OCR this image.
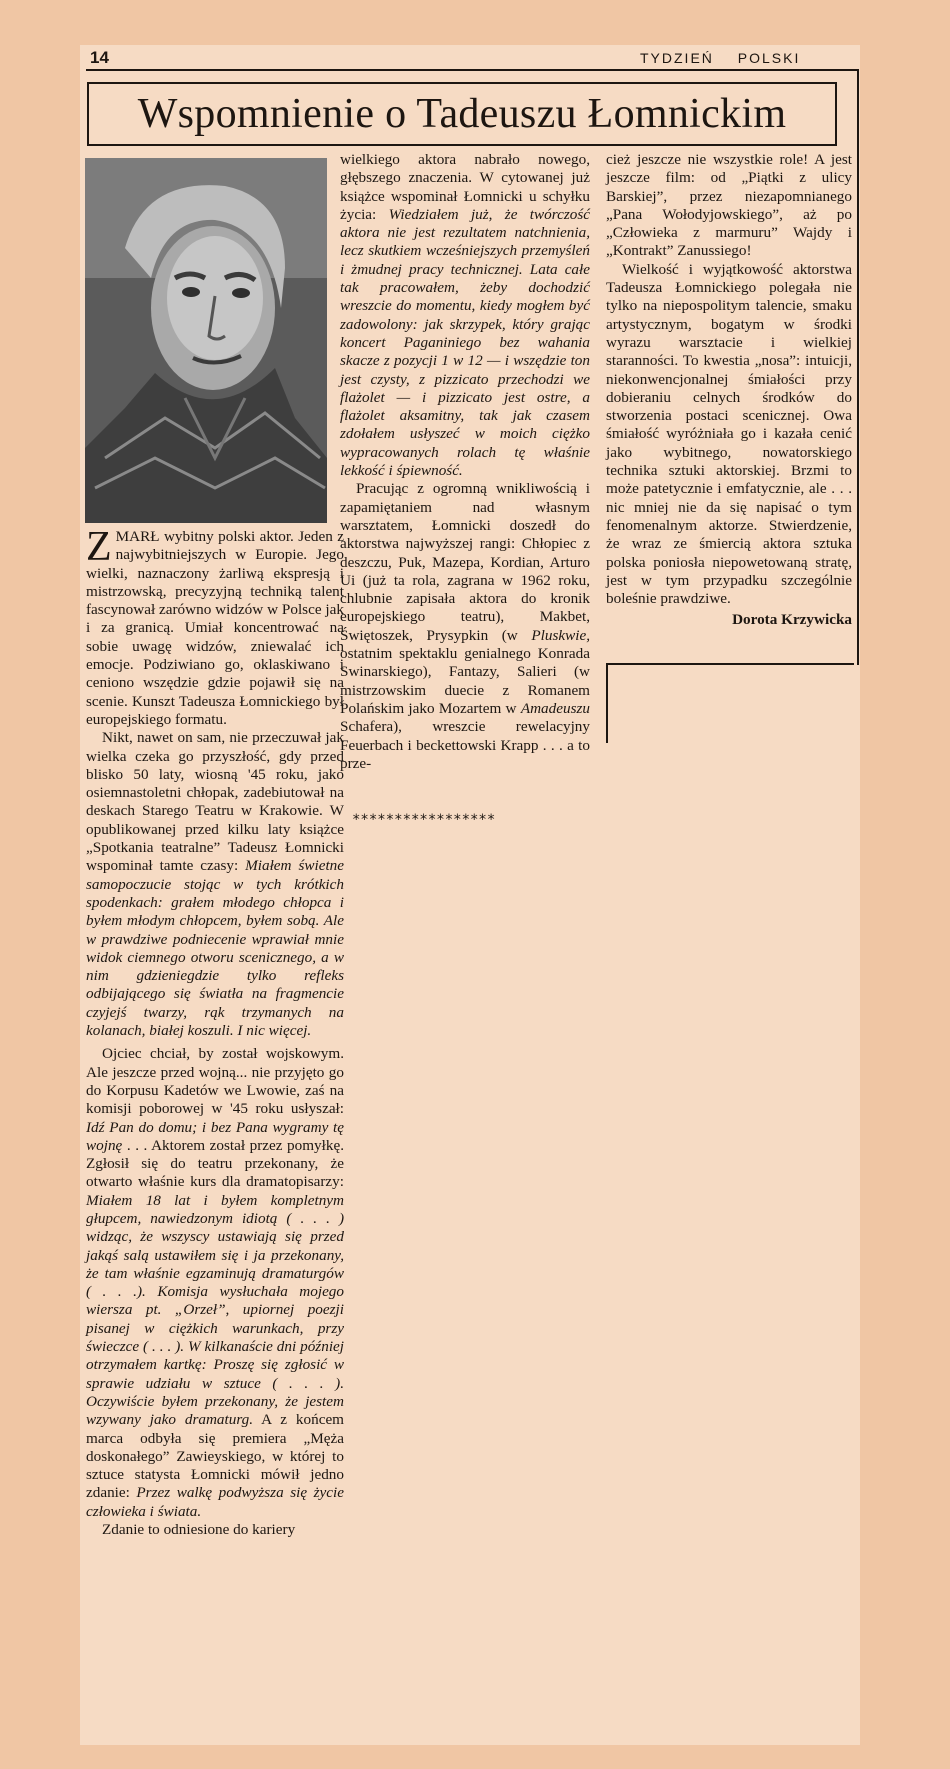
14	TYDZIEŃ POLSKI
Wspomnienie o Tadeuszu Łomnickim

ZMARŁ wybitny polski aktor. Jeden z najwybitniejszych w Europie. Jego wielki, naznaczony żarliwą ekspresją i mistrzowską, precyzyjną techniką talent fascynował zarówno widzów w Polsce jak i za granicą. Umiał koncentrować na sobie uwagę widzów, zniewalać ich emocje. Podziwiano go, oklaskiwano i ceniono wszędzie gdzie pojawił się na scenie. Kunszt Tadeusza Łomnickiego był europejskiego formatu.

Nikt, nawet on sam, nie przeczuwał jak wielka czeka go przyszłość, gdy przed blisko 50 laty, wiosną '45 roku, jako osiemnastoletni chłopak, zadebiutował na deskach Starego Teatru w Krakowie. W opublikowanej przed kilku laty książce „Spotkania teatralne” Tadeusz Łomnicki wspominał tamte czasy: Miałem świetne samopoczucie stojąc w tych krótkich spodenkach: grałem młodego chłopca i byłem młodym chłopcem, byłem sobą. Ale w prawdziwe podniecenie wprawiał mnie widok ciemnego otworu scenicznego, a w nim gdzieniegdzie tylko refleks odbijającego się światła na fragmencie czyjejś twarzy, rąk trzymanych na kolanach, białej koszuli. I nic więcej.

Ojciec chciał, by został wojskowym. Ale jeszcze przed wojną... nie przyjęto go do Korpusu Kadetów we Lwowie, zaś na komisji poborowej w '45 roku usłyszał: Idź Pan do domu; i bez Pana wygramy tę wojnę . . . Aktorem został przez pomyłkę. Zgłosił się do teatru przekonany, że otwarto właśnie kurs dla dramatopisarzy: Miałem 18 lat i byłem kompletnym głupcem, nawiedzonym idiotą ( . . . ) widząc, że wszyscy ustawiają się przed jakąś salą ustawiłem się i ja przekonany, że tam właśnie egzaminują dramaturgów ( . . .). Komisja wysłuchała mojego wiersza pt. „Orzeł”, upiornej poezji pisanej w ciężkich warunkach, przy świeczce ( . . . ). W kilkanaście dni później otrzymałem kartkę: Proszę się zgłosić w sprawie udziału w sztuce ( . . . ). Oczywiście byłem przekonany, że jestem wzywany jako dramaturg. A z końcem marca odbyła się premiera „Męża doskonałego” Zawieyskiego, w której to sztuce statysta Łomnicki mówił jedno zdanie: Przez walkę podwyższa się życie człowieka i świata.

Zdanie to odniesione do kariery

wielkiego aktora nabrało nowego, głębszego znaczenia. W cytowanej już książce wspominał Łomnicki u schyłku życia: Wiedziałem już, że twórczość aktora nie jest rezultatem natchnienia, lecz skutkiem wcześniejszych przemyśleń i żmudnej pracy technicznej. Lata całe tak pracowałem, żeby dochodzić wreszcie do momentu, kiedy mogłem być zadowolony: jak skrzypek, który grając koncert Paganiniego bez wahania skacze z pozycji 1 w 12 — i wszędzie ton jest czysty, z pizzicato przechodzi we flażolet — i pizzicato jest ostre, a flażolet aksamitny, tak jak czasem zdołałem usłyszeć w moich ciężko wypracowanych rolach tę właśnie lekkość i śpiewność.

Pracując z ogromną wnikliwością i zapamiętaniem nad własnym warsztatem, Łomnicki doszedł do aktorstwa najwyższej rangi: Chłopiec z deszczu, Puk, Mazepa, Kordian, Arturo Ui (już ta rola, zagrana w 1962 roku, chlubnie zapisała aktora do kronik europejskiego teatru), Makbet, Świętoszek, Prysypkin (w Pluskwie, ostatnim spektaklu genialnego Konrada Swinarskiego), Fantazy, Salieri (w mistrzowskim duecie z Romanem Polańskim jako Mozartem w Amadeuszu Schafera), wreszcie rewelacyjny Feuerbach i beckettowski Krapp . . . a to prze-

*****************

cież jeszcze nie wszystkie role! A jest jeszcze film: od „Piątki z ulicy Barskiej”, przez niezapomnianego „Pana Wołodyjowskiego”, aż po „Człowieka z marmuru” Wajdy i „Kontrakt” Zanussiego!

Wielkość i wyjątkowość aktorstwa Tadeusza Łomnickiego polegała nie tylko na niepospolitym talencie, smaku artystycznym, bogatym w środki wyrazu warsztacie i wielkiej staranności. To kwestia „nosa”: intuicji, niekonwencjonalnej śmiałości przy dobieraniu celnych środków do stworzenia postaci scenicznej. Owa śmiałość wyróżniała go i kazała cenić jako wybitnego, nowatorskiego technika sztuki aktorskiej. Brzmi to może patetycznie i emfatycznie, ale . . . nic mniej nie da się napisać o tym fenomenalnym aktorze. Stwierdzenie, że wraz ze śmiercią aktora sztuka polska poniosła niepowetowaną stratę, jest w tym przypadku szczególnie boleśnie prawdziwe.

Dorota Krzywicka
